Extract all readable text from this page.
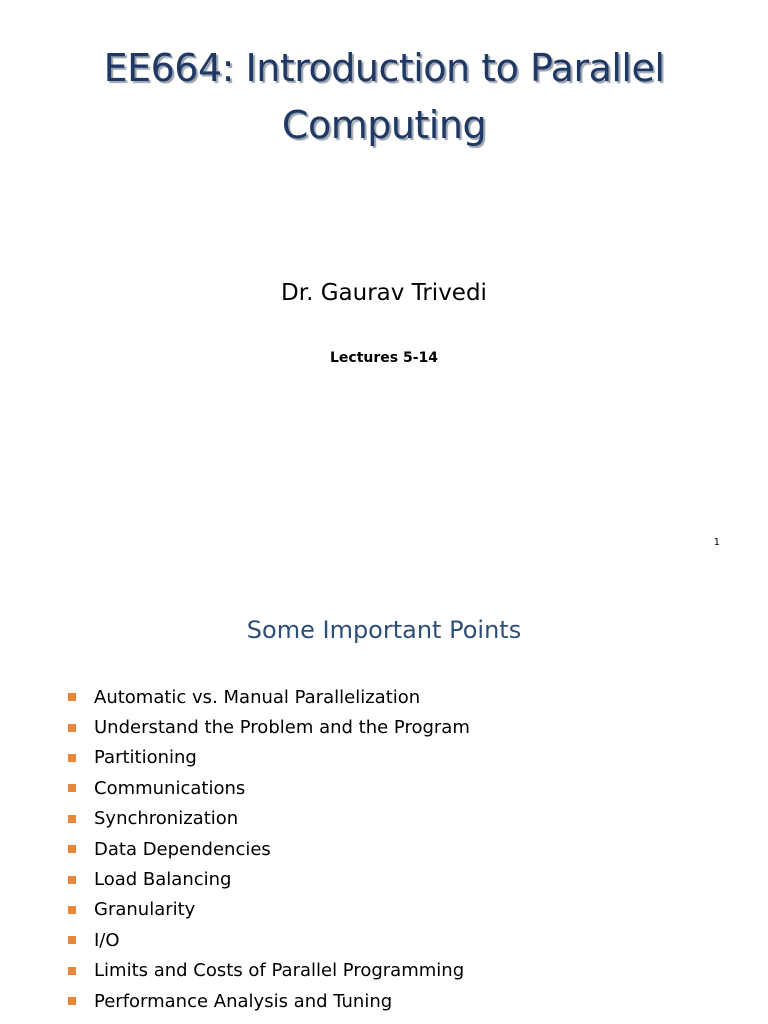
EE664: Introduction to Parallel
Computing
Dr. Gaurav Trivedi
Lectures 5-14
1
Some Important Points
Automatic vs. Manual Parallelization
Understand the Problem and the Program
Partitioning
Communications
Synchronization
Data Dependencies
Load Balancing
Granularity
I/O
Limits and Costs of Parallel Programming
Performance Analysis and Tuning
